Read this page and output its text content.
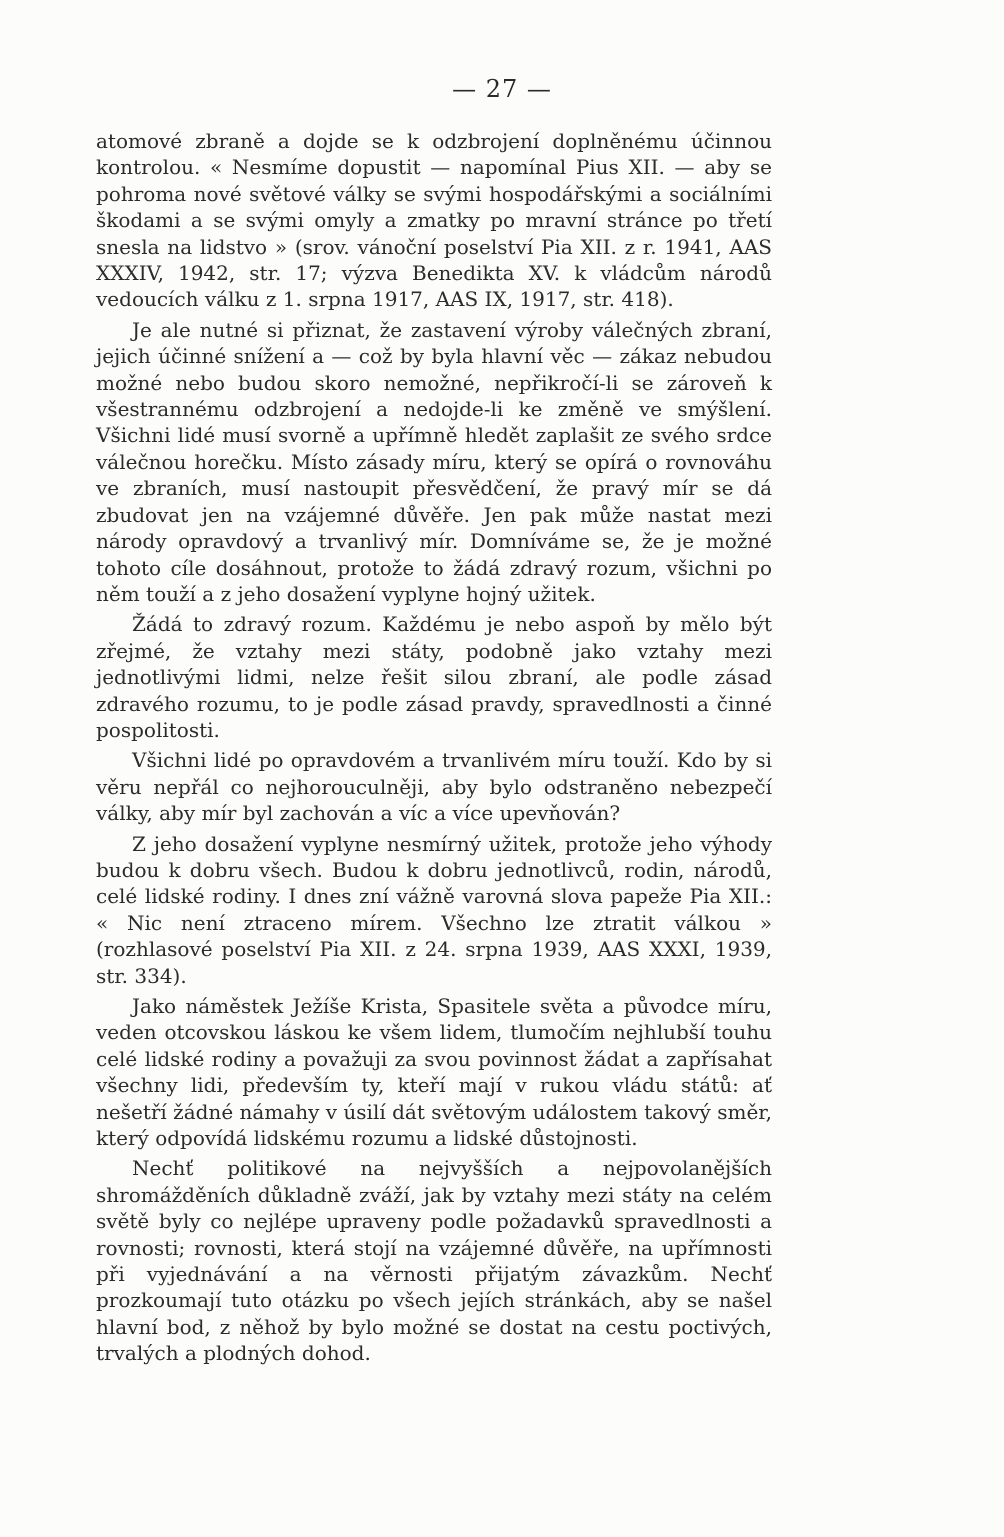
— 27 —

atomové zbraně a dojde se k odzbrojení doplněnému účinnou kontrolou. « Nesmíme dopustit — napomínal Pius XII. — aby se pohroma nové světové války se svými hospodářskými a sociálními škodami a se svými omyly a zmatky po mravní stránce po třetí snesla na lidstvo » (srov. vánoční poselství Pia XII. z r. 1941, AAS XXXIV, 1942, str. 17; výzva Benedikta XV. k vládcům národů vedoucích válku z 1. srpna 1917, AAS IX, 1917, str. 418).

Je ale nutné si přiznat, že zastavení výroby válečných zbraní, jejich účinné snížení a — což by byla hlavní věc — zákaz nebudou možné nebo budou skoro nemožné, nepřikročí-li se zároveň k všestrannému odzbrojení a nedojde-li ke změně ve smýšlení. Všichni lidé musí svorně a upřímně hledět zaplašit ze svého srdce válečnou horečku. Místo zásady míru, který se opírá o rovnováhu ve zbraních, musí nastoupit přesvědčení, že pravý mír se dá zbudovat jen na vzájemné důvěře. Jen pak může nastat mezi národy opravdový a trvanlivý mír. Domníváme se, že je možné tohoto cíle dosáhnout, protože to žádá zdravý rozum, všichni po něm touží a z jeho dosažení vyplyne hojný užitek.

Žádá to zdravý rozum. Každému je nebo aspoň by mělo být zřejmé, že vztahy mezi státy, podobně jako vztahy mezi jednotlivými lidmi, nelze řešit silou zbraní, ale podle zásad zdravého rozumu, to je podle zásad pravdy, spravedlnosti a činné pospolitosti.

Všichni lidé po opravdovém a trvanlivém míru touží. Kdo by si věru nepřál co nejhorouculněji, aby bylo odstraněno nebezpečí války, aby mír byl zachován a víc a více upevňován?

Z jeho dosažení vyplyne nesmírný užitek, protože jeho výhody budou k dobru všech. Budou k dobru jednotlivců, rodin, národů, celé lidské rodiny. I dnes zní vážně varovná slova papeže Pia XII.: « Nic není ztraceno mírem. Všechno lze ztratit válkou » (rozhlasové poselství Pia XII. z 24. srpna 1939, AAS XXXI, 1939, str. 334).

Jako náměstek Ježíše Krista, Spasitele světa a původce míru, veden otcovskou láskou ke všem lidem, tlumočím nejhlubší touhu celé lidské rodiny a považuji za svou povinnost žádat a zapřísahat všechny lidi, především ty, kteří mají v rukou vládu států: ať nešetří žádné námahy v úsilí dát světovým událostem takový směr, který odpovídá lidskému rozumu a lidské důstojnosti.

Nechť politikové na nejvyšších a nejpovolanějších shromážděních důkladně zváží, jak by vztahy mezi státy na celém světě byly co nejlépe upraveny podle požadavků spravedlnosti a rovnosti; rovnosti, která stojí na vzájemné důvěře, na upřímnosti při vyjednávání a na věrnosti přijatým závazkům. Nechť prozkoumají tuto otázku po všech jejích stránkách, aby se našel hlavní bod, z něhož by bylo možné se dostat na cestu poctivých, trvalých a plodných dohod.
